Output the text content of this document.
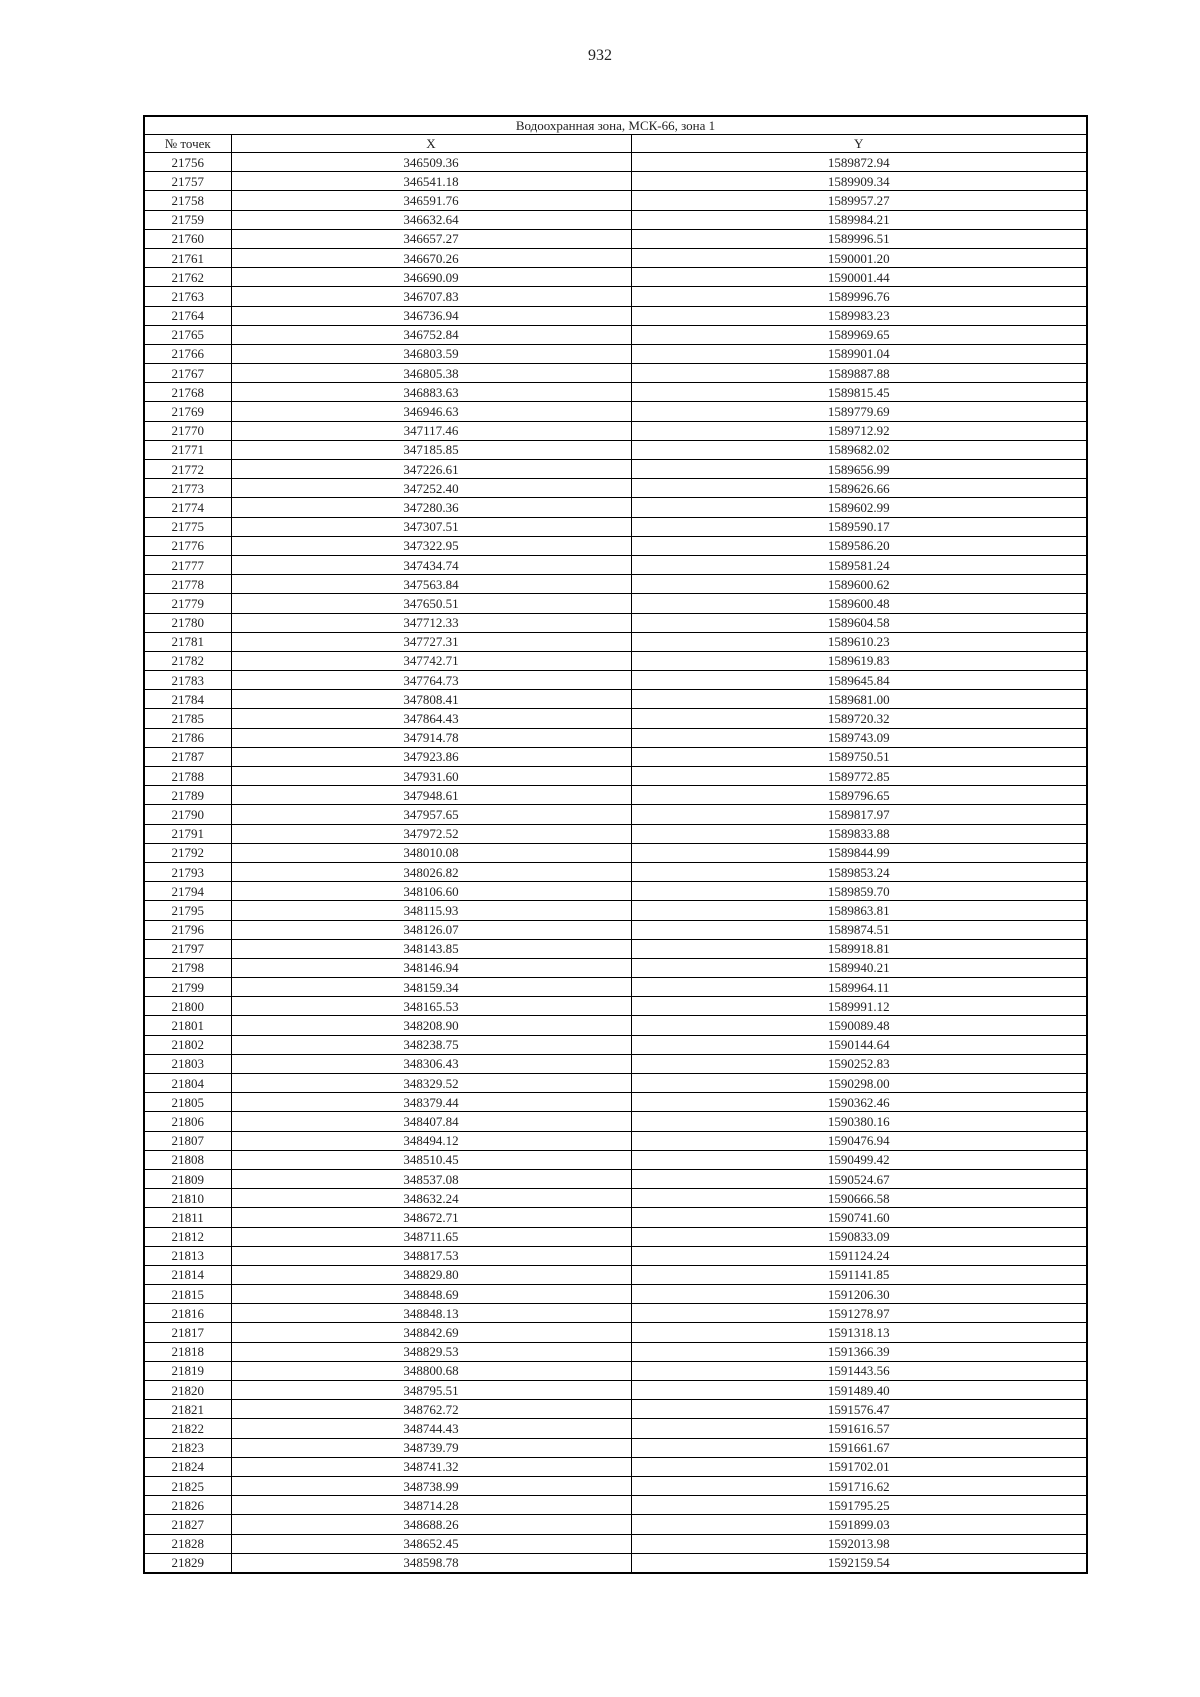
932
Водоохранная зона, МСК-66, зона 1		
№ точек	X	Y
21756	346509.36	1589872.94
21757	346541.18	1589909.34
21758	346591.76	1589957.27
21759	346632.64	1589984.21
21760	346657.27	1589996.51
21761	346670.26	1590001.20
21762	346690.09	1590001.44
21763	346707.83	1589996.76
21764	346736.94	1589983.23
21765	346752.84	1589969.65
21766	346803.59	1589901.04
21767	346805.38	1589887.88
21768	346883.63	1589815.45
21769	346946.63	1589779.69
21770	347117.46	1589712.92
21771	347185.85	1589682.02
21772	347226.61	1589656.99
21773	347252.40	1589626.66
21774	347280.36	1589602.99
21775	347307.51	1589590.17
21776	347322.95	1589586.20
21777	347434.74	1589581.24
21778	347563.84	1589600.62
21779	347650.51	1589600.48
21780	347712.33	1589604.58
21781	347727.31	1589610.23
21782	347742.71	1589619.83
21783	347764.73	1589645.84
21784	347808.41	1589681.00
21785	347864.43	1589720.32
21786	347914.78	1589743.09
21787	347923.86	1589750.51
21788	347931.60	1589772.85
21789	347948.61	1589796.65
21790	347957.65	1589817.97
21791	347972.52	1589833.88
21792	348010.08	1589844.99
21793	348026.82	1589853.24
21794	348106.60	1589859.70
21795	348115.93	1589863.81
21796	348126.07	1589874.51
21797	348143.85	1589918.81
21798	348146.94	1589940.21
21799	348159.34	1589964.11
21800	348165.53	1589991.12
21801	348208.90	1590089.48
21802	348238.75	1590144.64
21803	348306.43	1590252.83
21804	348329.52	1590298.00
21805	348379.44	1590362.46
21806	348407.84	1590380.16
21807	348494.12	1590476.94
21808	348510.45	1590499.42
21809	348537.08	1590524.67
21810	348632.24	1590666.58
21811	348672.71	1590741.60
21812	348711.65	1590833.09
21813	348817.53	1591124.24
21814	348829.80	1591141.85
21815	348848.69	1591206.30
21816	348848.13	1591278.97
21817	348842.69	1591318.13
21818	348829.53	1591366.39
21819	348800.68	1591443.56
21820	348795.51	1591489.40
21821	348762.72	1591576.47
21822	348744.43	1591616.57
21823	348739.79	1591661.67
21824	348741.32	1591702.01
21825	348738.99	1591716.62
21826	348714.28	1591795.25
21827	348688.26	1591899.03
21828	348652.45	1592013.98
21829	348598.78	1592159.54
